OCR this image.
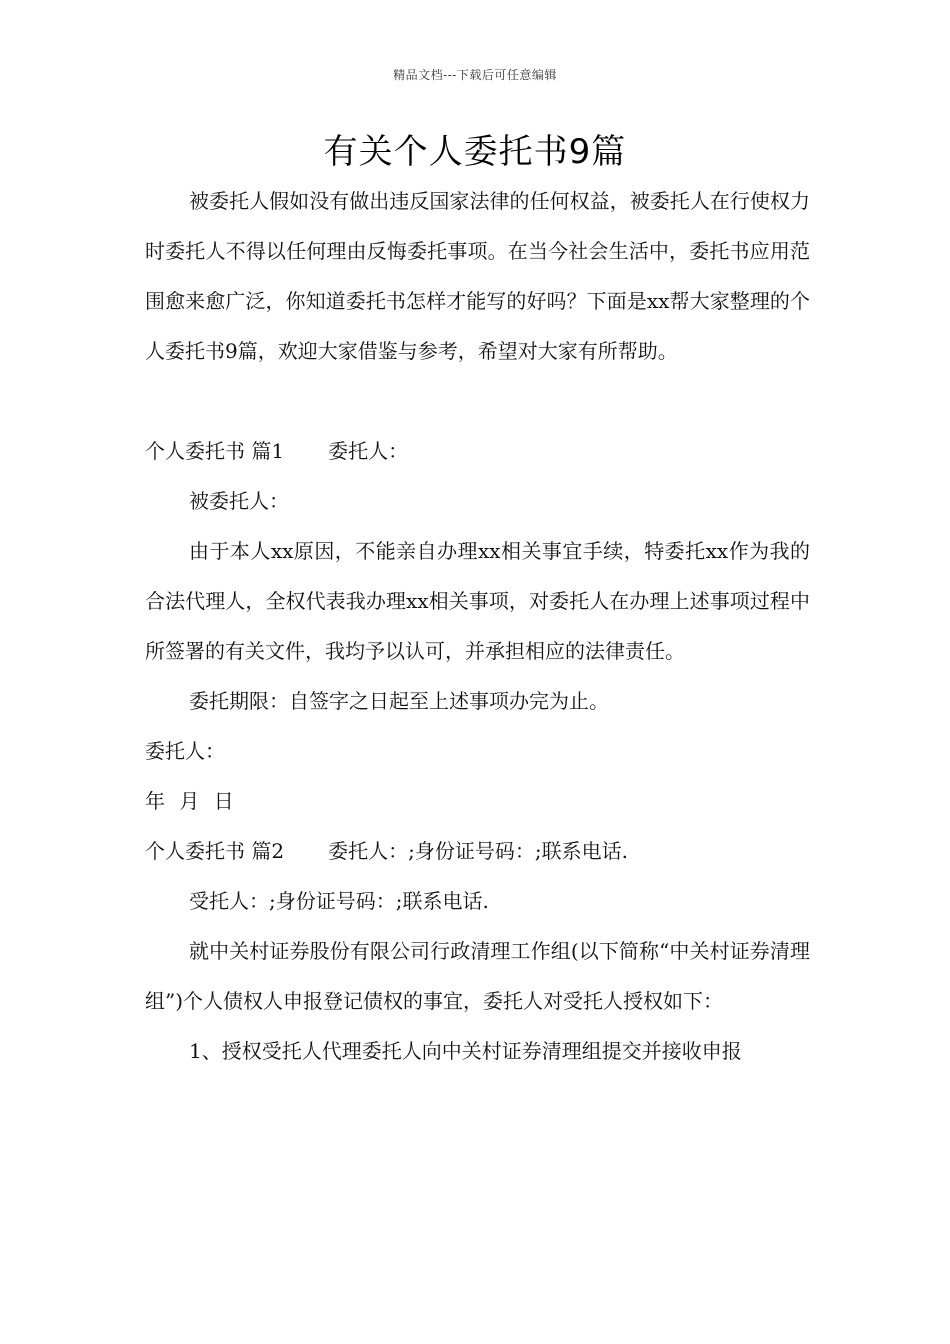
精品文档---下载后可任意编辑
有关个人委托书9篇

被委托人假如没有做出违反国家法律的任何权益，被委托人在行使权力时委托人不得以任何理由反悔委托事项。在当今社会生活中，委托书应用范围愈来愈广泛，你知道委托书怎样才能写的好吗？下面是xx帮大家整理的个人委托书9篇，欢迎大家借鉴与参考，希望对大家有所帮助。

个人委托书 篇1 委托人：

被委托人：

由于本人xx原因，不能亲自办理xx相关事宜手续，特委托xx作为我的合法代理人，全权代表我办理xx相关事项，对委托人在办理上述事项过程中所签署的有关文件，我均予以认可，并承担相应的法律责任。

委托期限：自签字之日起至上述事项办完为止。

委托人：

年 月 日

个人委托书 篇2 委托人：;身份证号码：;联系电话.

受托人：;身份证号码：;联系电话.

就中关村证券股份有限公司行政清理工作组(以下简称“中关村证券清理组”)个人债权人申报登记债权的事宜，委托人对受托人授权如下：

1、授权受托人代理委托人向中关村证券清理组提交并接收申报
